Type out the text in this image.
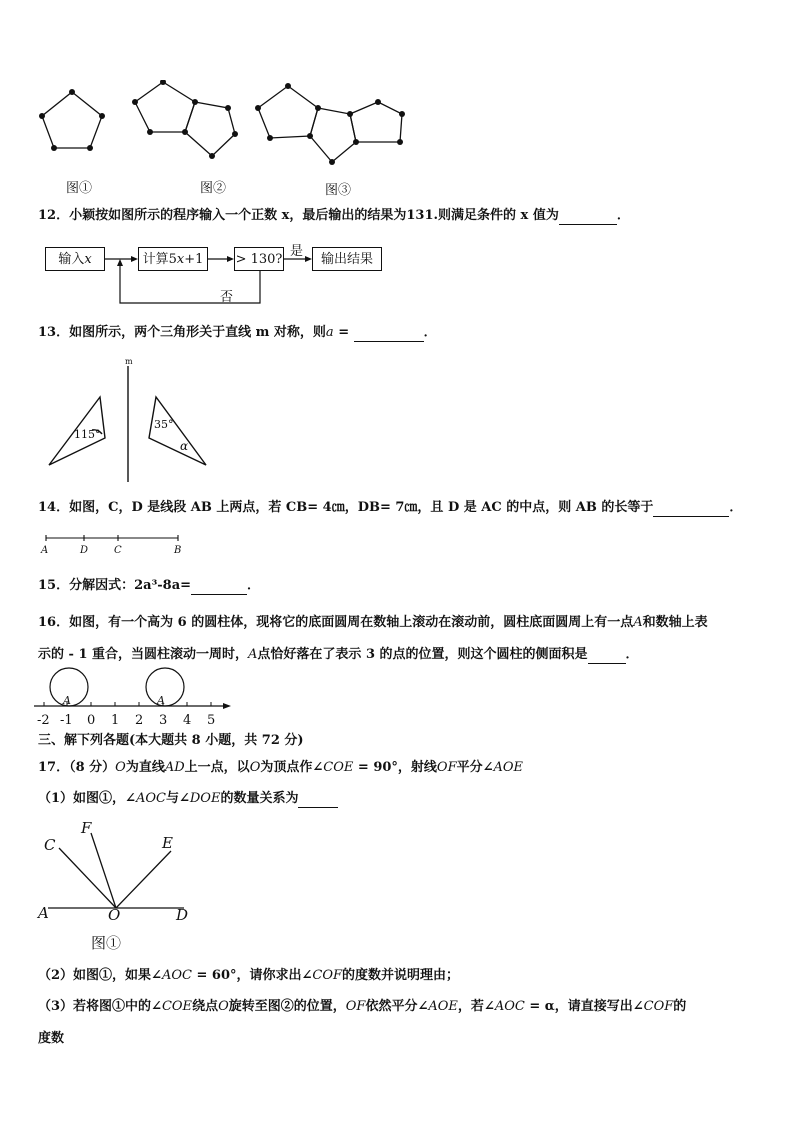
图①	图②	图③
12．小颖按如图所示的程序输入一个正数 x，最后输出的结果为131.则满足条件的 x 值为	．
输入x	计算5x+1	> 130?	输出结果
是
否
13．如图所示，两个三角形关于直线 m 对称，则a =	．
m
115°
35°
α
14．如图，C，D 是线段 AB 上两点，若 CB= 4㎝，DB= 7㎝，且 D 是 AC 的中点，则 AB 的长等于	．
A	D	C	B
15．分解因式：2a³-8a=	．
16．如图，有一个高为 6 的圆柱体，现将它的底面圆周在数轴上滚动在滚动前，圆柱底面圆周上有一点A和数轴上表
示的 - 1 重合，当圆柱滚动一周时，A点恰好落在了表示 3 的点的位置，则这个圆柱的侧面积是	．
A	A
-2 -1 0 1 2 3 4 5
三、解下列各题(本大题共 8 小题，共 72 分)
17．（8 分）O为直线AD上一点，以O为顶点作∠COE = 90°，射线OF平分∠AOE
（1）如图①，∠AOC与∠DOE的数量关系为
C
F
E
A	O	D
图①
（2）如图①，如果∠AOC = 60°，请你求出∠COF的度数并说明理由；
（3）若将图①中的∠COE绕点O旋转至图②的位置，OF依然平分∠AOE，若∠AOC = α，请直接写出∠COF的
度数
